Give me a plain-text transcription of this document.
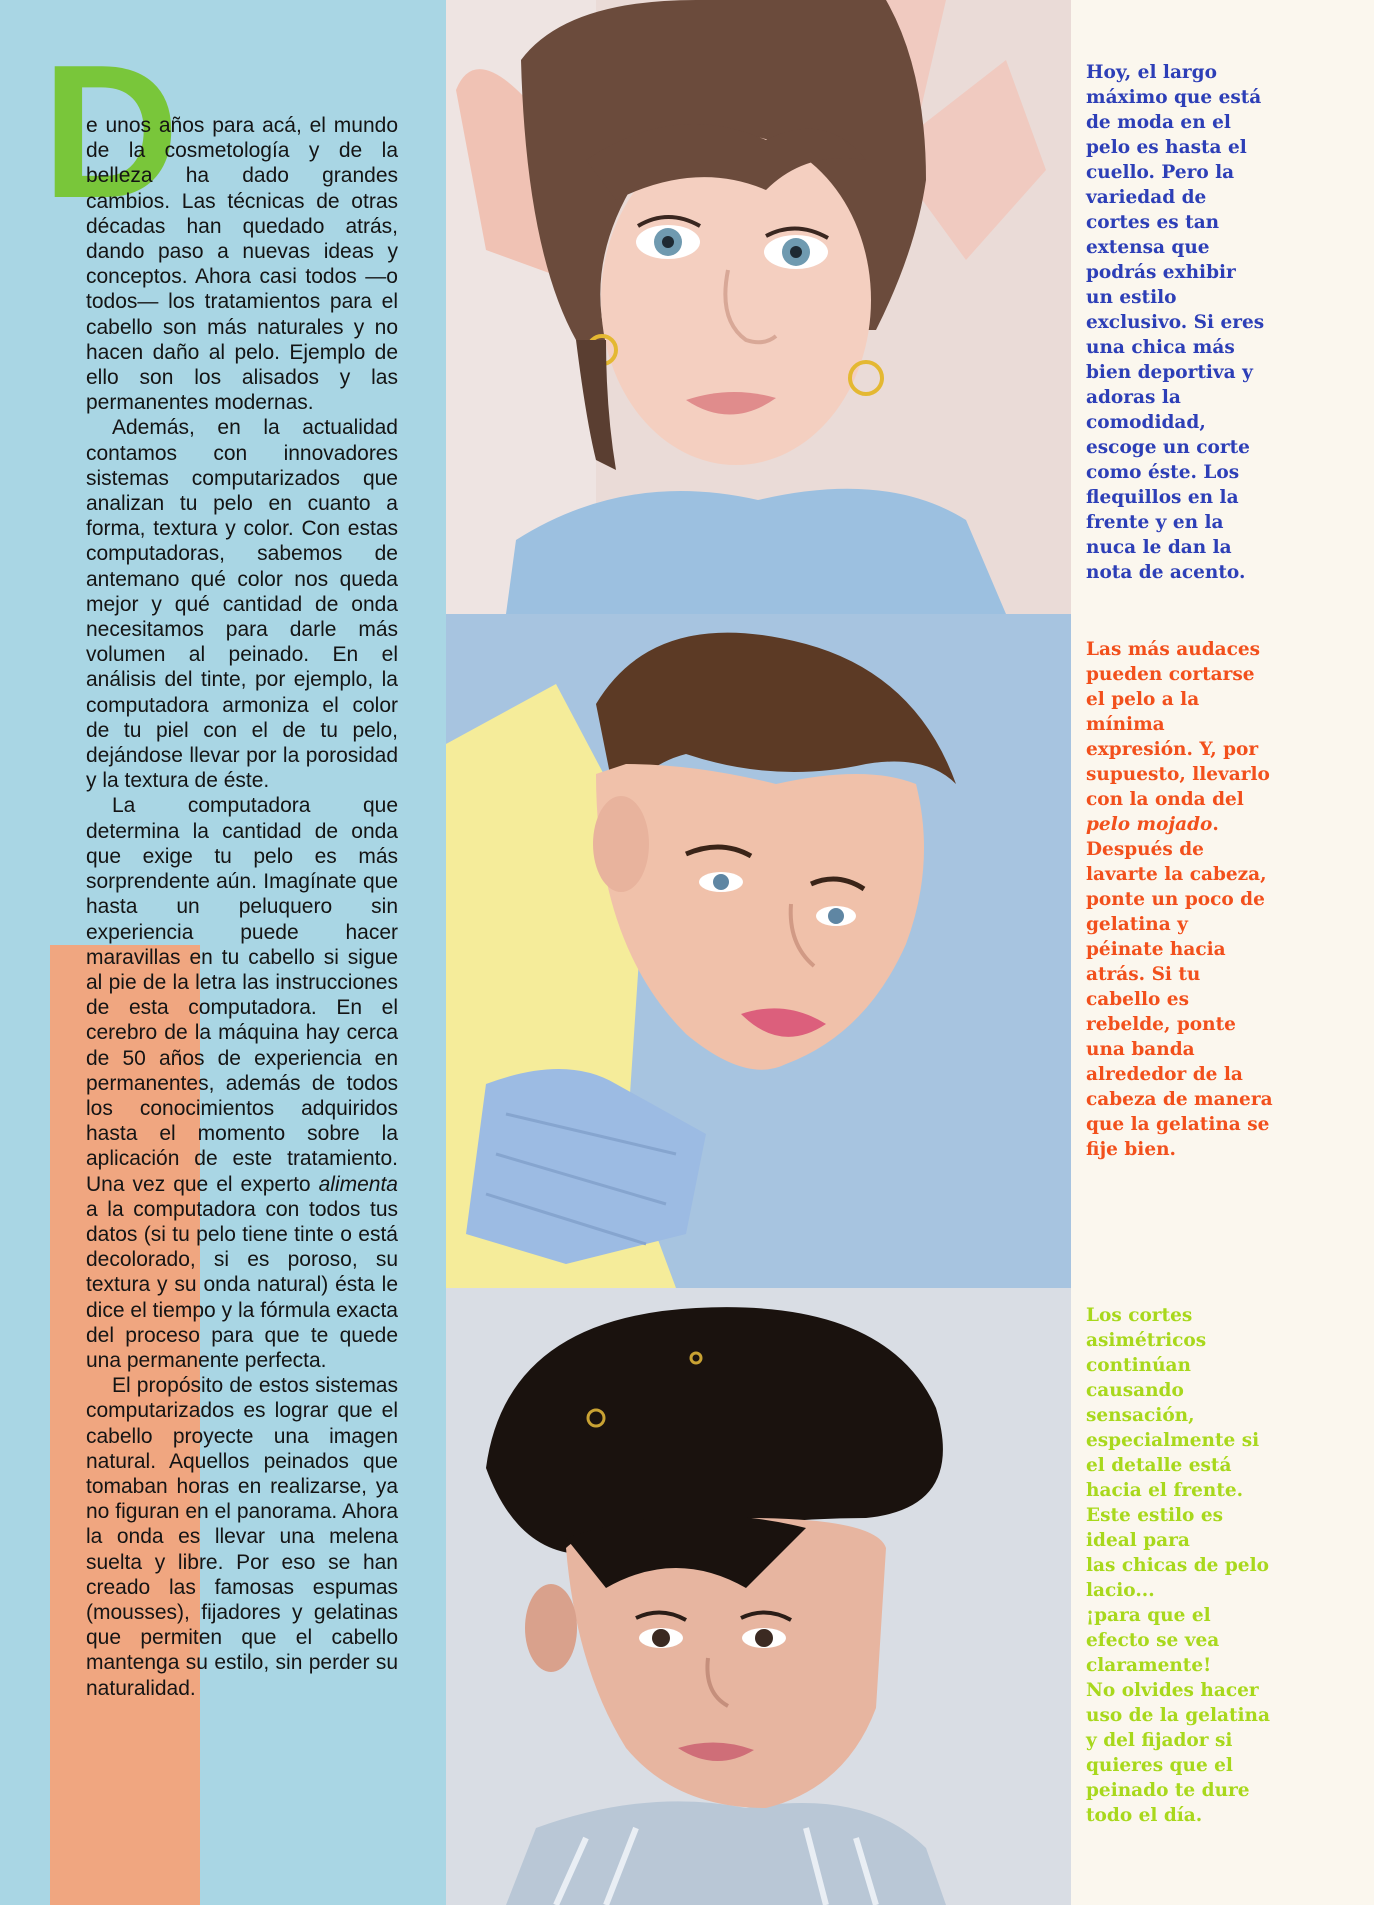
D

e unos años para acá, el mundo de la cosmetología y de la belleza ha dado grandes cambios. Las técnicas de otras décadas han quedado atrás, dando paso a nuevas ideas y conceptos. Ahora casi todos —o todos— los tratamientos para el cabello son más naturales y no hacen daño al pelo. Ejemplo de ello son los alisados y las permanentes modernas.

Además, en la actualidad contamos con innovadores sistemas computarizados que analizan tu pelo en cuanto a forma, textura y color. Con estas computadoras, sabemos de antemano qué color nos queda mejor y qué cantidad de onda necesitamos para darle más volumen al peinado. En el análisis del tinte, por ejemplo, la computadora armoniza el color de tu piel con el de tu pelo, dejándose llevar por la porosidad y la textura de éste.

La computadora que determina la cantidad de onda que exige tu pelo es más sorprendente aún. Imagínate que hasta un peluquero sin experiencia puede hacer maravillas en tu cabello si sigue al pie de la letra las instrucciones de esta computadora. En el cerebro de la máquina hay cerca de 50 años de experiencia en permanentes, además de todos los conocimientos adquiridos hasta el momento sobre la aplicación de este tratamiento. Una vez que el experto alimenta a la computadora con todos tus datos (si tu pelo tiene tinte o está decolorado, si es poroso, su textura y su onda natural) ésta le dice el tiempo y la fórmula exacta del proceso para que te quede una permanente perfecta.

El propósito de estos sistemas computarizados es lograr que el cabello proyecte una imagen natural. Aquellos peinados que tomaban horas en realizarse, ya no figuran en el panorama. Ahora la onda es llevar una melena suelta y libre. Por eso se han creado las famosas espumas (mousses), fijadores y gelatinas que permiten que el cabello mantenga su estilo, sin perder su naturalidad.

Hoy, el largo
máximo que está
de moda en el
pelo es hasta el
cuello. Pero la
variedad de
cortes es tan
extensa que
podrás exhibir
un estilo
exclusivo. Si eres
una chica más
bien deportiva y
adoras la
comodidad,
escoge un corte
como éste. Los
flequillos en la
frente y en la
nuca le dan la
nota de acento.
Las más audaces
pueden cortarse
el pelo a la
mínima
expresión. Y, por
supuesto, llevarlo
con la onda del
pelo mojado.
Después de
lavarte la cabeza,
ponte un poco de
gelatina y
péinate hacia
atrás. Si tu
cabello es
rebelde, ponte
una banda
alrededor de la
cabeza de manera
que la gelatina se
fije bien.
Los cortes
asimétricos
continúan
causando
sensación,
especialmente si
el detalle está
hacia el frente.
Este estilo es
ideal para
las chicas de pelo
lacio...
¡para que el
efecto se vea
claramente!
No olvides hacer
uso de la gelatina
y del fijador si
quieres que el
peinado te dure
todo el día.
